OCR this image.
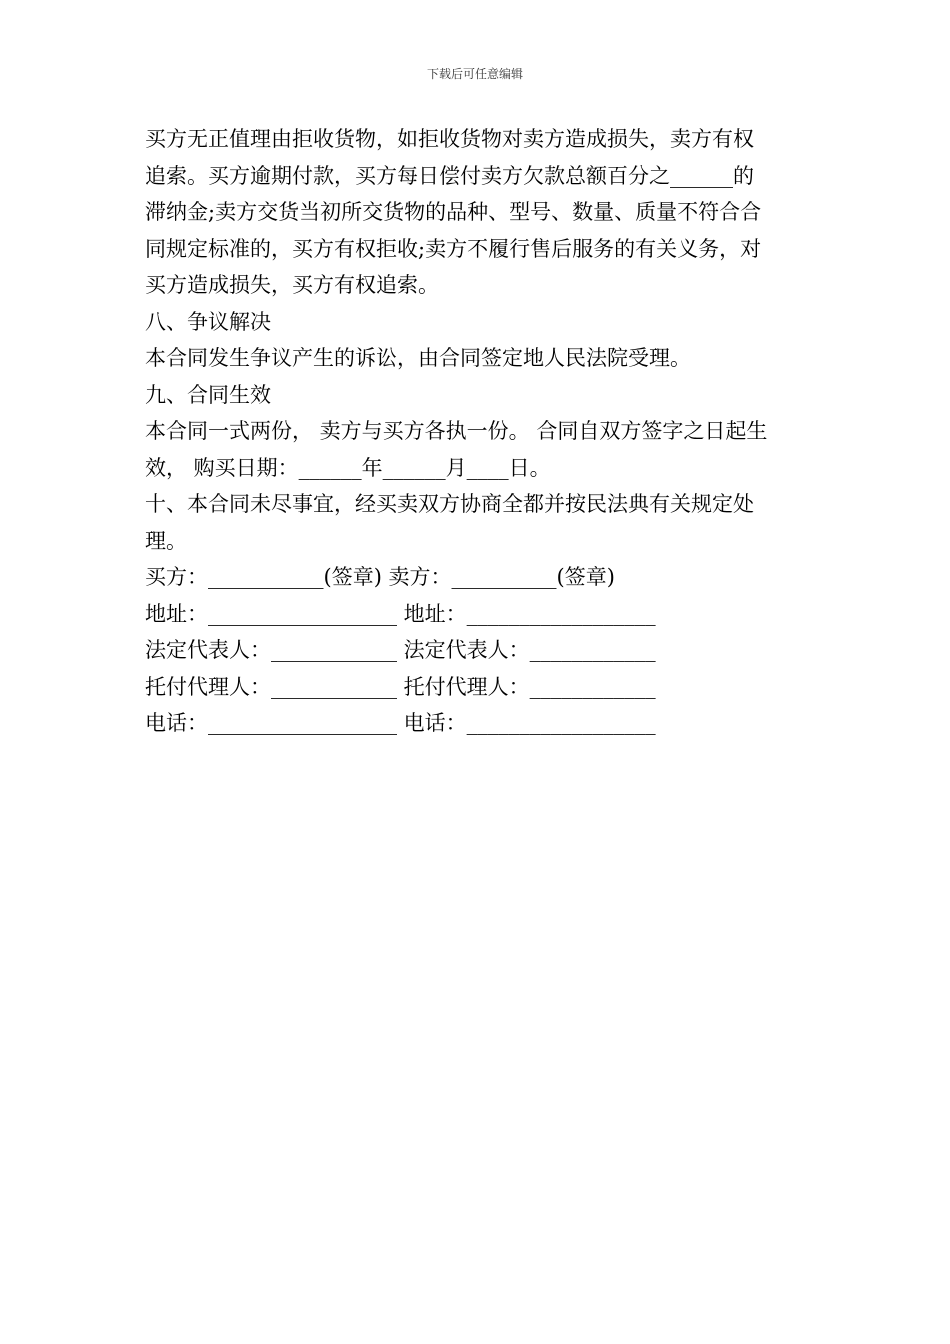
下载后可任意编辑

买方无正值理由拒收货物，如拒收货物对卖方造成损失，卖方有权

追索。买方逾期付款，买方每日偿付卖方欠款总额百分之______的

滞纳金;卖方交货当初所交货物的品种、型号、数量、质量不符合合

同规定标准的，买方有权拒收;卖方不履行售后服务的有关义务，对

买方造成损失，买方有权追索。

八、争议解决

本合同发生争议产生的诉讼，由合同签定地人民法院受理。

九、合同生效

本合同一式两份， 卖方与买方各执一份。 合同自双方签字之日起生

效， 购买日期：______年______月____日。

十、本合同未尽事宜，经买卖双方协商全都并按民法典有关规定处

理。

买方：___________(签章) 卖方：__________(签章)

地址：__________________ 地址：__________________

法定代表人：____________ 法定代表人：____________

托付代理人：____________ 托付代理人：____________

电话：__________________ 电话：__________________
